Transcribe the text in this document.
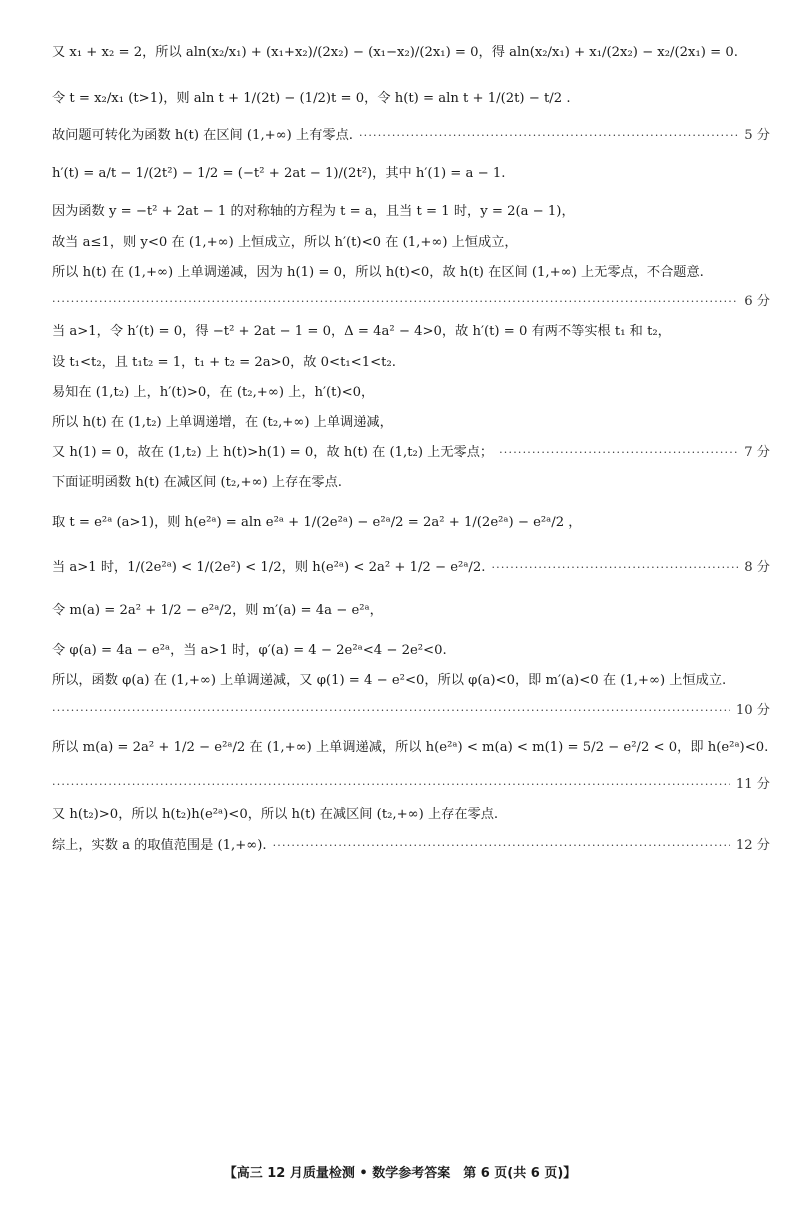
又 x₁ + x₂ = 2，所以 aln(x₂/x₁) + (x₁+x₂)/(2x₂) − (x₁−x₂)/(2x₁) = 0，得 aln(x₂/x₁) + x₁/(2x₂) − x₂/(2x₁) = 0.
令 t = x₂/x₁ (t>1)，则 aln t + 1/(2t) − (1/2)t = 0，令 h(t) = aln t + 1/(2t) − t/2 .
故问题可转化为函数 h(t) 在区间 (1,+∞) 上有零点. ·····	5 分
h′(t) = a/t − 1/(2t²) − 1/2 = (−t² + 2at − 1)/(2t²)，其中 h′(1) = a − 1.
因为函数 y = −t² + 2at − 1 的对称轴的方程为 t = a，且当 t = 1 时，y = 2(a − 1)，
故当 a≤1，则 y<0 在 (1,+∞) 上恒成立，所以 h′(t)<0 在 (1,+∞) 上恒成立，
所以 h(t) 在 (1,+∞) 上单调递减，因为 h(1) = 0，所以 h(t)<0，故 h(t) 在区间 (1,+∞) 上无零点，不合题意.
·····
6 分
当 a>1，令 h′(t) = 0，得 −t² + 2at − 1 = 0，Δ = 4a² − 4>0，故 h′(t) = 0 有两不等实根 t₁ 和 t₂，
设 t₁<t₂，且 t₁t₂ = 1，t₁ + t₂ = 2a>0，故 0<t₁<1<t₂.
易知在 (1,t₂) 上，h′(t)>0，在 (t₂,+∞) 上，h′(t)<0，
所以 h(t) 在 (1,t₂) 上单调递增，在 (t₂,+∞) 上单调递减，
又 h(1) = 0，故在 (1,t₂) 上 h(t)>h(1) = 0，故 h(t) 在 (1,t₂) 上无零点； ·····	7 分
下面证明函数 h(t) 在减区间 (t₂,+∞) 上存在零点.
取 t = e²ᵃ (a>1)，则 h(e²ᵃ) = aln e²ᵃ + 1/(2e²ᵃ) − e²ᵃ/2 = 2a² + 1/(2e²ᵃ) − e²ᵃ/2 ，
当 a>1 时，1/(2e²ᵃ) < 1/(2e²) < 1/2，则 h(e²ᵃ) < 2a² + 1/2 − e²ᵃ/2. ·····	8 分
令 m(a) = 2a² + 1/2 − e²ᵃ/2，则 m′(a) = 4a − e²ᵃ，
令 φ(a) = 4a − e²ᵃ，当 a>1 时，φ′(a) = 4 − 2e²ᵃ<4 − 2e²<0.
所以，函数 φ(a) 在 (1,+∞) 上单调递减，又 φ(1) = 4 − e²<0，所以 φ(a)<0，即 m′(a)<0 在 (1,+∞) 上恒成立.
·····
10 分
所以 m(a) = 2a² + 1/2 − e²ᵃ/2 在 (1,+∞) 上单调递减，所以 h(e²ᵃ) < m(a) < m(1) = 5/2 − e²/2 < 0，即 h(e²ᵃ)<0.
·····
11 分
又 h(t₂)>0，所以 h(t₂)h(e²ᵃ)<0，所以 h(t) 在减区间 (t₂,+∞) 上存在零点.
综上，实数 a 的取值范围是 (1,+∞). ·····	12 分
【高三 12 月质量检测 • 数学参考答案　第 6 页(共 6 页)】
